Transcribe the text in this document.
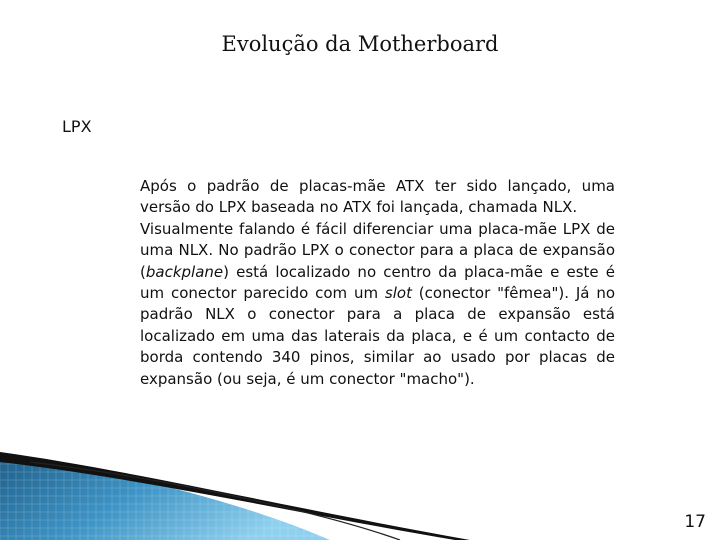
Evolução da Motherboard
LPX

Após o padrão de placas-mãe ATX ter sido lançado, uma versão do LPX baseada no ATX foi lançada, chamada NLX.

Visualmente falando é fácil diferenciar uma placa-mãe LPX de uma NLX. No padrão LPX o conector para a placa de expansão (backplane) está localizado no centro da placa-mãe e este é um conector parecido com um slot (conector "fêmea"). Já no padrão NLX o conector para a placa de expansão está localizado em uma das laterais da placa, e é um contacto de borda contendo 340 pinos, similar ao usado por placas de expansão (ou seja, é um conector "macho").

17
